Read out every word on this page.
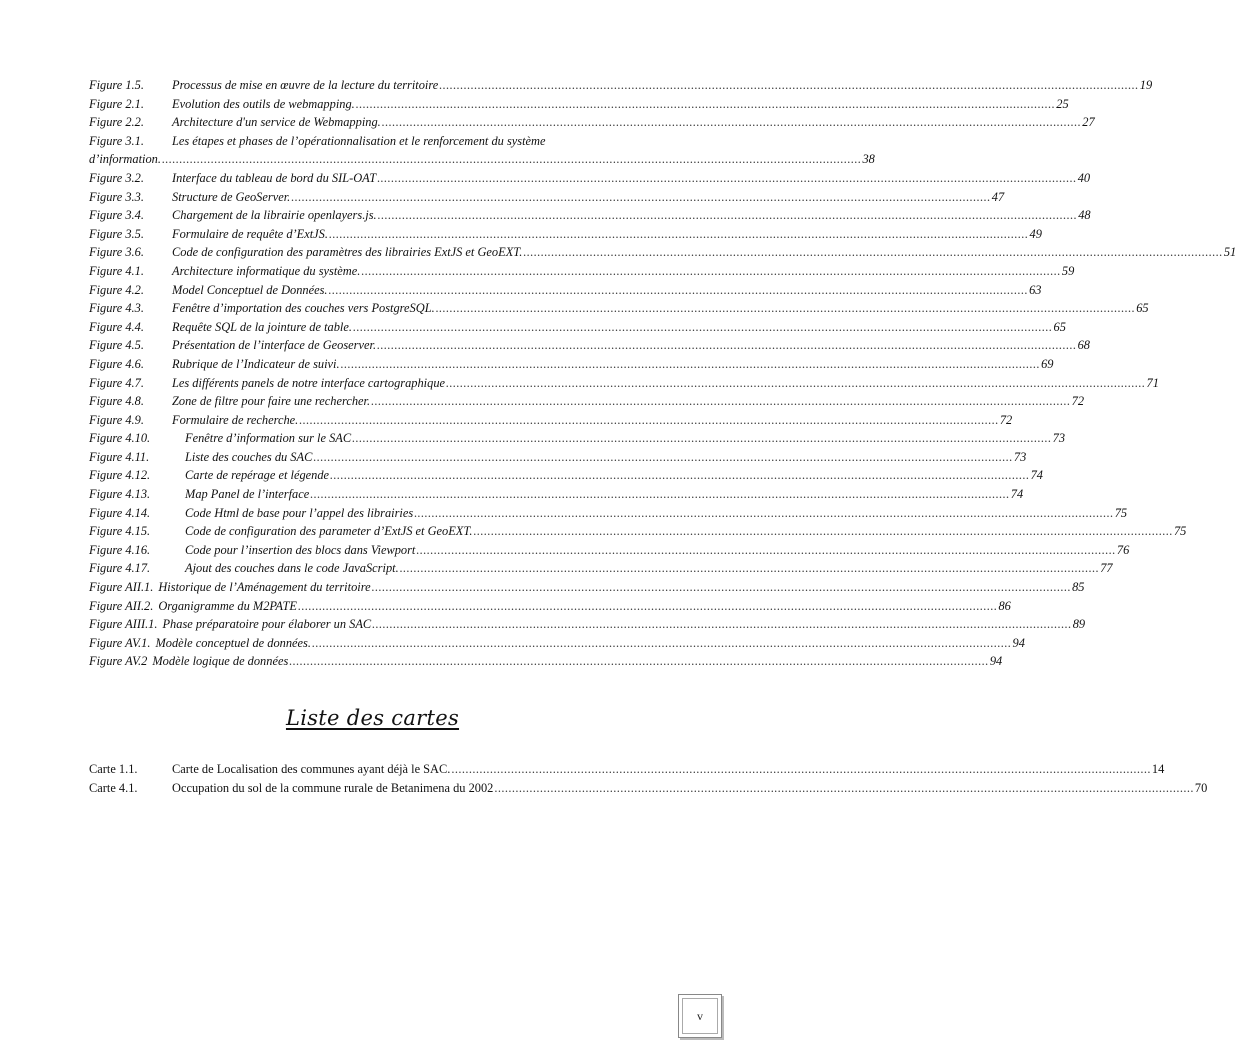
Figure 1.5.	Processus de mise en œuvre de la lecture du territoire .....	19
Figure 2.1.	Evolution des outils de webmapping. .....	25
Figure 2.2.	Architecture d'un service de Webmapping. .....	27
Figure 3.1.	Les étapes et phases de l’opérationnalisation et le renforcement du système
d’information. .....	38
Figure 3.2.	Interface du tableau de bord du SIL-OAT .....	40
Figure 3.3.	Structure de GeoServer. .....	47
Figure 3.4.	Chargement de la librairie openlayers.js. .....	48
Figure 3.5.	Formulaire de requête d’ExtJS. .....	49
Figure 3.6.	Code de configuration des paramètres des librairies ExtJS et GeoEXT. .....	51
Figure 4.1.	Architecture informatique du système. .....	59
Figure 4.2.	Model Conceptuel de Données. .....	63
Figure 4.3.	Fenêtre d’importation des couches vers PostgreSQL. .....	65
Figure 4.4.	Requête SQL de la jointure de table. .....	65
Figure 4.5.	Présentation de l’interface de Geoserver. .....	68
Figure 4.6.	Rubrique de l’Indicateur de suivi. .....	69
Figure 4.7.	Les différents panels de notre interface cartographique .....	71
Figure 4.8.	Zone de filtre pour faire une rechercher. .....	72
Figure 4.9.	Formulaire de recherche. .....	72
Figure 4.10.	Fenêtre d’information sur le SAC .....	73
Figure 4.11.	Liste des couches du SAC .....	73
Figure 4.12.	Carte de repérage et légende .....	74
Figure 4.13.	Map Panel de l’interface .....	74
Figure 4.14.	Code Html de base pour l’appel des librairies .....	75
Figure 4.15.	Code de configuration des parameter d’ExtJS et GeoEXT. .....	75
Figure 4.16.	Code pour l’insertion des blocs dans Viewport .....	76
Figure 4.17.	Ajout des couches dans le code JavaScript. .....	77
Figure AII.1. Historique de l’Aménagement du territoire .....	85
Figure AII.2. Organigramme du M2PATE .....	86
Figure AIII.1. Phase préparatoire pour élaborer un SAC .....	89
Figure AV.1. Modèle conceptuel de données. .....	94
Figure AV.2 Modèle logique de données .....	94
Liste des cartes
Carte 1.1.	Carte de Localisation des communes ayant déjà le SAC. .....	14
Carte 4.1.	Occupation du sol de la commune rurale de Betanimena du 2002 .....	70
v
